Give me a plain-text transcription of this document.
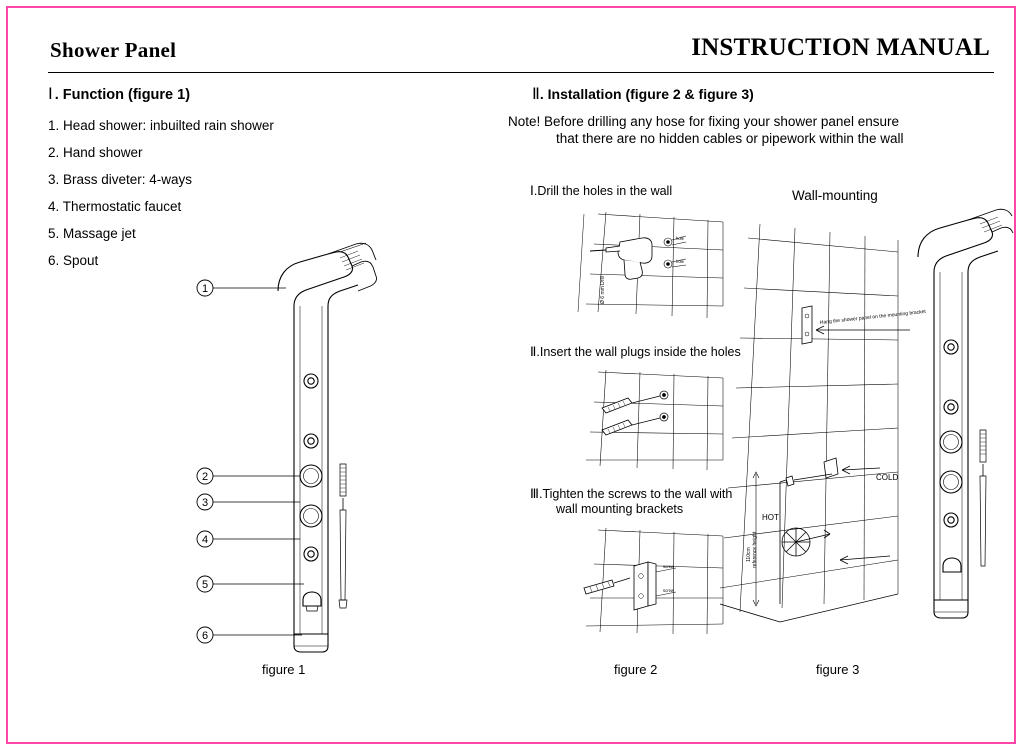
Shower Panel	INSTRUCTION MANUAL
Ⅰ . Function (figure 1)
1. Head shower: inbuilted rain shower
2. Hand shower
3. Brass diveter: 4-ways
4. Thermostatic faucet
5. Massage jet
6. Spout
1
2
3
4
5
6
figure 1
Ⅱ. Installation (figure 2 & figure 3)
Note! Before drilling any hose for fixing your shower panel ensure
that there are no hidden cables or pipework within the wall
Ⅰ.Drill the holes in the wall
Ⅱ.Insert the wall plugs inside the holes
Ⅲ.Tighten the screws to the wall with
wall mounting brackets
Wall-mounting
hole
hole
Ø 6 mm Drill
screw
screw
figure 2
Hang the shower panel on the mounting bracket
COLD
HOT
110cm reference height
figure 3
